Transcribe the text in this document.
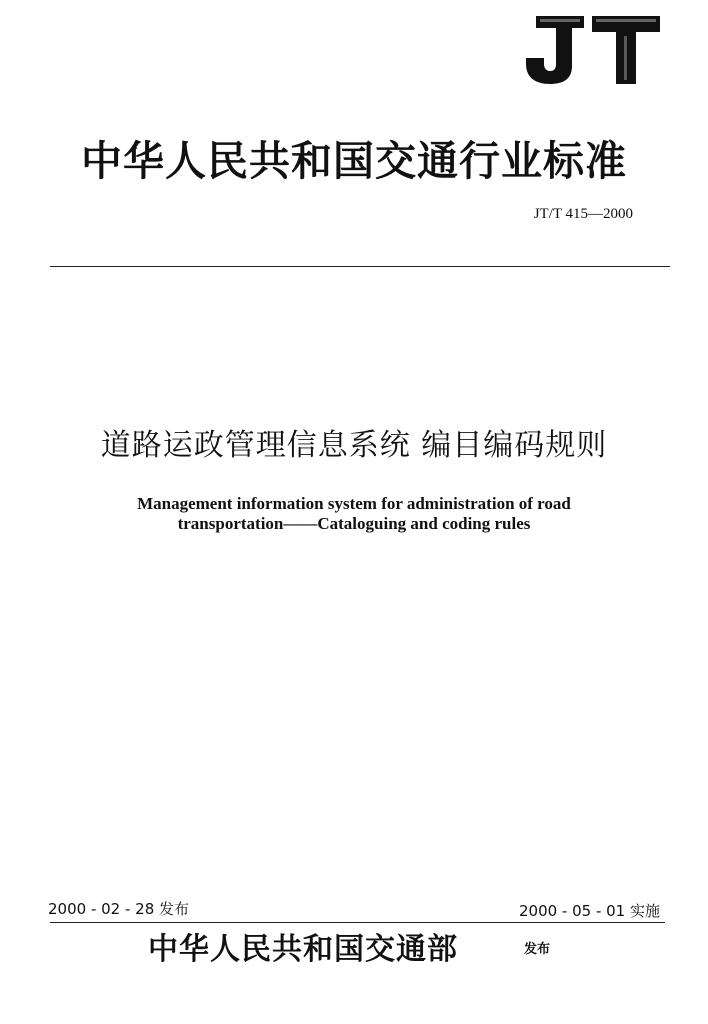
中华人民共和国交通行业标准
JT/T 415—2000
道路运政管理信息系统 编目编码规则
Management information system for administration of road
transportation——Cataloguing and coding rules
2000 - 02 - 28 发布	2000 - 05 - 01 实施
中华人民共和国交通部	发布
